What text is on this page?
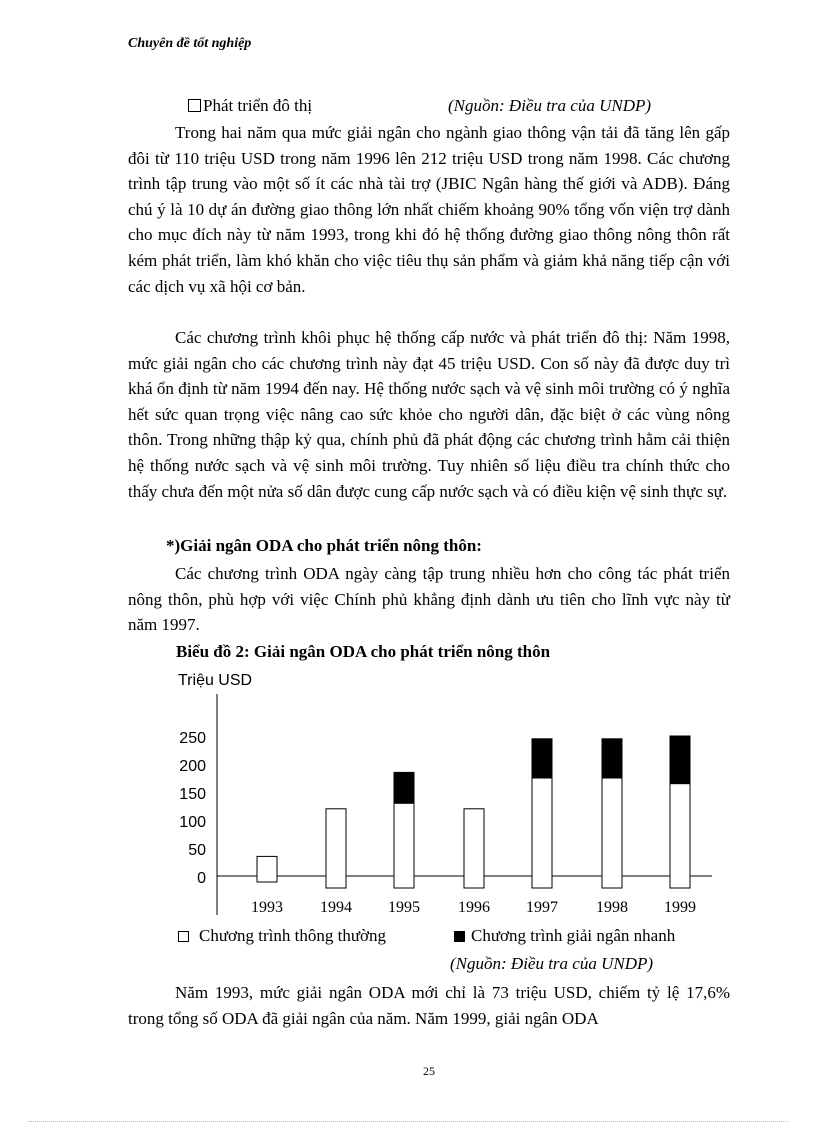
Chuyên đề tốt nghiệp
Phát triển đô thị	(Nguồn: Điều tra của UNDP)

Trong hai năm qua mức giải ngân cho ngành giao thông vận tải đã tăng lên gấp đôi từ 110 triệu USD trong năm 1996 lên 212 triệu USD trong năm 1998. Các chương trình tập trung vào một số ít các nhà tài trợ (JBIC Ngân hàng thế giới và ADB). Đáng chú ý là 10 dự án đường giao thông lớn nhất chiếm khoảng 90% tổng vốn viện trợ dành cho mục đích này từ năm 1993, trong khi đó hệ thống đường giao thông nông thôn rất kém phát triển, làm khó khăn cho việc tiêu thụ sản phẩm và giảm khả năng tiếp cận với các dịch vụ xã hội cơ bản.

Các chương trình khôi phục hệ thống cấp nước và phát triển đô thị: Năm 1998, mức giải ngân cho các chương trình này đạt 45 triệu USD. Con số này đã được duy trì khá ổn định từ năm 1994 đến nay. Hệ thống nước sạch và vệ sinh môi trường có ý nghĩa hết sức quan trọng việc nâng cao sức khỏe cho người dân, đặc biệt ở các vùng nông thôn. Trong những thập kỷ qua, chính phủ đã phát động các chương trình hằm cải thiện hệ thống nước sạch và vệ sinh môi trường. Tuy nhiên số liệu điều tra chính thức cho thấy chưa đến một nửa số dân được cung cấp nước sạch và có điều kiện vệ sinh thực sự.

*)Giải ngân ODA cho phát triển nông thôn:

Các chương trình ODA ngày càng tập trung nhiều hơn cho công tác phát triển nông thôn, phù hợp với việc Chính phủ khẳng định dành ưu tiên cho lĩnh vực này từ năm 1997.

Biểu đồ 2: Giải ngân ODA cho phát triển nông thôn
Triệu USD
0
50
100
150
200
250
1993 1994 1995 1996 1997 1998 1999
Chương trình thông thường	Chương trình giải ngân nhanh
(Nguồn: Điều tra của UNDP)

Năm 1993, mức giải ngân ODA mới chỉ là 73 triệu USD, chiếm tỷ lệ 17,6% trong tổng số ODA đã giải ngân của năm. Năm 1999, giải ngân ODA

25
